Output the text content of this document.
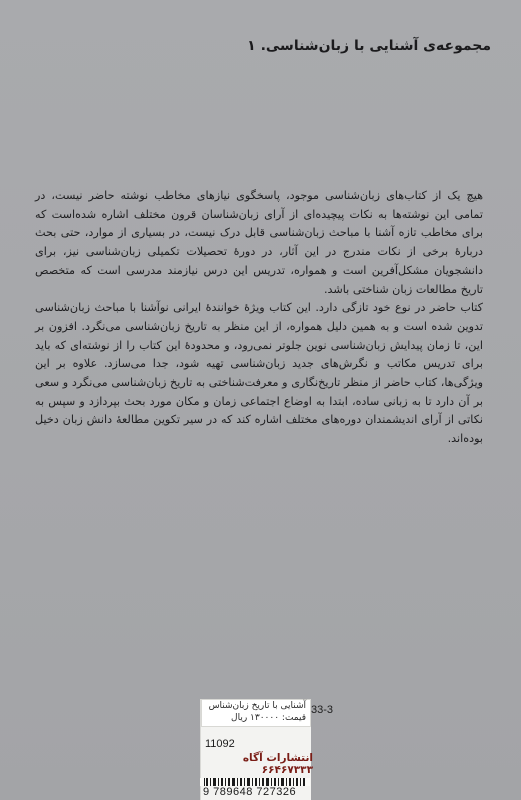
مجموعه‌ی آشنایی با زبان‌شناسی. ۱

هیچ یک از کتاب‌های زبان‌شناسی موجود، پاسخگوی نیازهای مخاطب نوشته حاضر نیست، در تمامی این نوشته‌ها به نکات پیچیده‌ای از آرای زبان‌شناسان قرون مختلف اشاره شده‌است که برای مخاطب تازه آشنا با مباحث زبان‌شناسی قابل درک نیست، در بسیاری از موارد، حتی بحث دربارهٔ برخی از نکات مندرج در این آثار، در دورهٔ تحصیلات تکمیلی زبان‌شناسی نیز، برای دانشجویان مشکل‌آفرین است و همواره، تدریس این درس نیازمند مدرسی است که متخصص تاریخ مطالعات زبان شناختی باشد.

کتاب حاضر در نوع خود تازگی دارد. این کتاب ویژهٔ خوانندهٔ ایرانی نوآشنا با مباحث زبان‌شناسی تدوین شده است و به همین دلیل همواره، از این منظر به تاریخ زبان‌شناسی می‌نگرد. افزون بر این، تا زمان پیدایش زبان‌شناسی نوین جلوتر نمی‌رود، و محدودهٔ این کتاب را از نوشته‌ای که باید برای تدریس مکاتب و نگرش‌های جدید زبان‌شناسی تهیه شود، جدا می‌سازد. علاوه بر این ویژگی‌ها، کتاب حاضر از منظر تاریخ‌نگاری و معرفت‌شناختی به تاریخ زبان‌شناسی می‌نگرد و سعی بر آن دارد تا به زبانی ساده، ابتدا به اوضاع اجتماعی زمان و مکان مورد بحث بپردازد و سپس به نکاتی از آرای اندیشمندان دوره‌های مختلف اشاره کند که در سیر تکوین مطالعهٔ دانش زبان دخیل بوده‌اند.

آشنایی با تاریخ زبان‌شناس
قیمت: ۱۳۰۰۰۰ ریال
33-3
11092
انتشارات آگاه ۶۶۴۶۷۳۳۳
9 789648 727326
